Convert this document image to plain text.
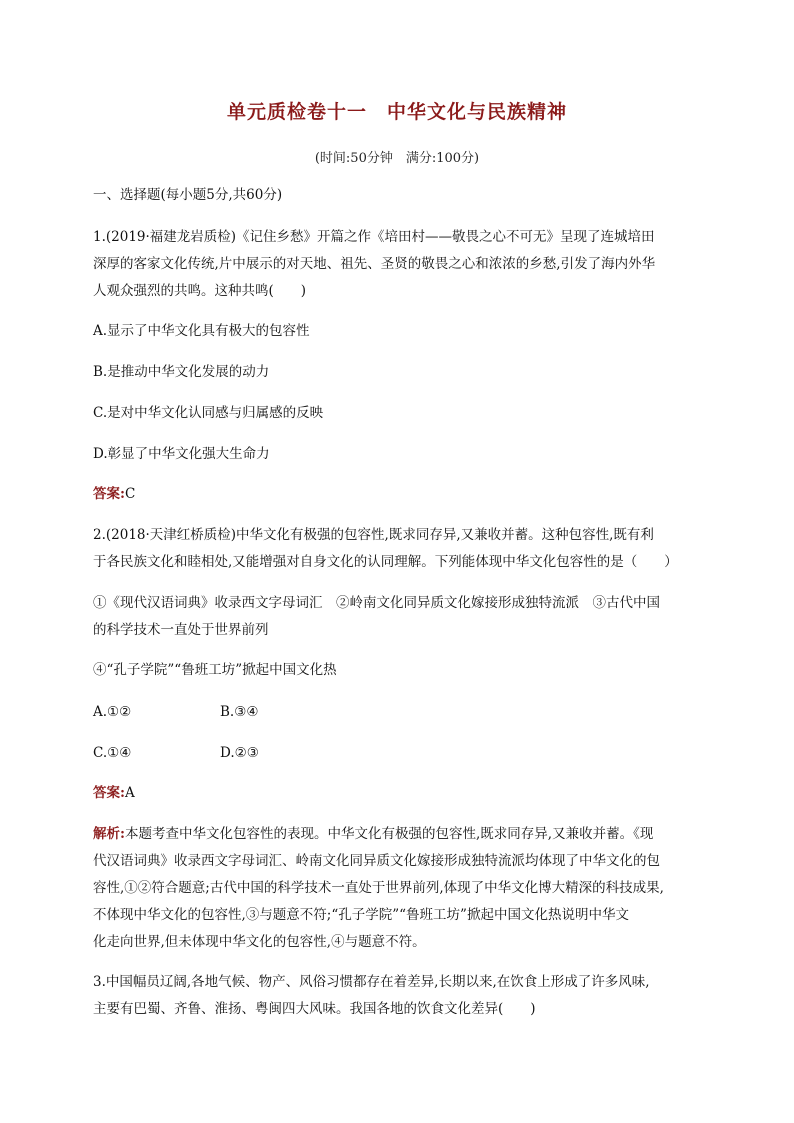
单元质检卷十一　中华文化与民族精神
(时间:50分钟　满分:100分)
一、选择题(每小题5分,共60分)
1.(2019·福建龙岩质检)《记住乡愁》开篇之作《培田村——敬畏之心不可无》呈现了连城培田
深厚的客家文化传统,片中展示的对天地、祖先、圣贤的敬畏之心和浓浓的乡愁,引发了海内外华
人观众强烈的共鸣。这种共鸣(　　)
A.显示了中华文化具有极大的包容性
B.是推动中华文化发展的动力
C.是对中华文化认同感与归属感的反映
D.彰显了中华文化强大生命力
答案:C
2.(2018·天津红桥质检)中华文化有极强的包容性,既求同存异,又兼收并蓄。这种包容性,既有利
于各民族文化和睦相处,又能增强对自身文化的认同理解。下列能体现中华文化包容性的是（　　）
①《现代汉语词典》收录西文字母词汇　②岭南文化同异质文化嫁接形成独特流派　③古代中国
的科学技术一直处于世界前列
④“孔子学院”“鲁班工坊”掀起中国文化热
A.①②	B.③④
C.①④	D.②③
答案:A
解析:本题考查中华文化包容性的表现。中华文化有极强的包容性,既求同存异,又兼收并蓄。《现
代汉语词典》收录西文字母词汇、岭南文化同异质文化嫁接形成独特流派均体现了中华文化的包
容性,①②符合题意;古代中国的科学技术一直处于世界前列,体现了中华文化博大精深的科技成果,
不体现中华文化的包容性,③与题意不符;“孔子学院”“鲁班工坊”掀起中国文化热说明中华文
化走向世界,但未体现中华文化的包容性,④与题意不符。
3.中国幅员辽阔,各地气候、物产、风俗习惯都存在着差异,长期以来,在饮食上形成了许多风味,
主要有巴蜀、齐鲁、淮扬、粤闽四大风味。我国各地的饮食文化差异(　　)
